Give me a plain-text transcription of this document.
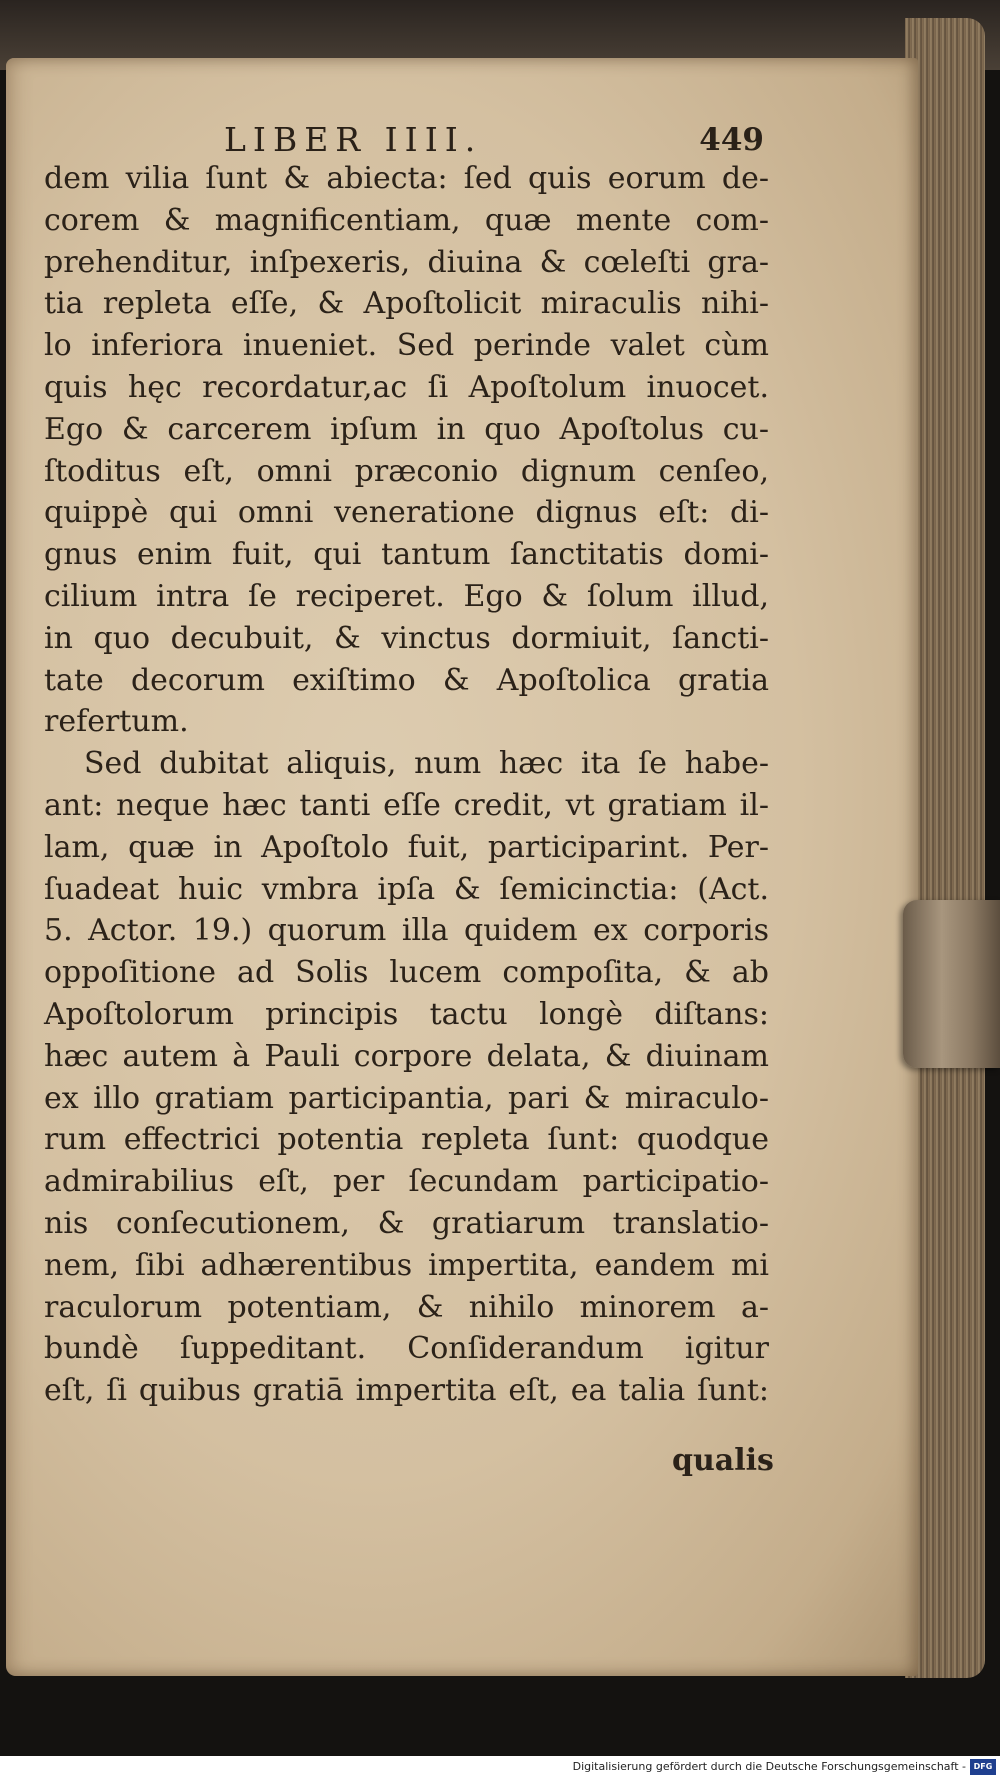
LIBER IIII.	449
dem vilia ſunt & abiecta: ſed quis eorum de-
corem & magnificentiam, quæ mente com-
prehenditur, inſpexeris, diuina & cœleſti gra-
tia repleta eſſe, & Apoſtolicit miraculis nihi-
lo inferiora inueniet. Sed perinde valet cùm
quis hęc recordatur,ac ſi Apoſtolum inuocet.
Ego & carcerem ipſum in quo Apoſtolus cu-
ſtoditus eſt, omni præconio dignum cenſeo,
quippè qui omni veneratione dignus eſt: di-
gnus enim fuit, qui tantum ſanctitatis domi-
cilium intra ſe reciperet. Ego & ſolum illud,
in quo decubuit, & vinctus dormiuit, ſancti-
tate decorum exiſtimo & Apoſtolica gratia
refertum.
Sed dubitat aliquis, num hæc ita ſe habe-
ant: neque hæc tanti eſſe credit, vt gratiam il-
lam, quæ in Apoſtolo fuit, participarint. Per-
ſuadeat huic vmbra ipſa & ſemicinctia: (Act.
5. Actor. 19.) quorum illa quidem ex corporis
oppoſitione ad Solis lucem compoſita, & ab
Apoſtolorum principis tactu longè diſtans:
hæc autem à Pauli corpore delata, & diuinam
ex illo gratiam participantia, pari & miraculo-
rum effectrici potentia repleta ſunt: quodque
admirabilius eſt, per ſecundam participatio-
nis conſecutionem, & gratiarum translatio-
nem, ſibi adhærentibus impertita, eandem mi
raculorum potentiam, & nihilo minorem a-
bundè ſuppeditant. Conſiderandum igitur
eſt, ſi quibus gratiā impertita eſt, ea talia ſunt:
qualis
Digitalisierung gefördert durch die Deutsche Forschungsgemeinschaft - DFG
